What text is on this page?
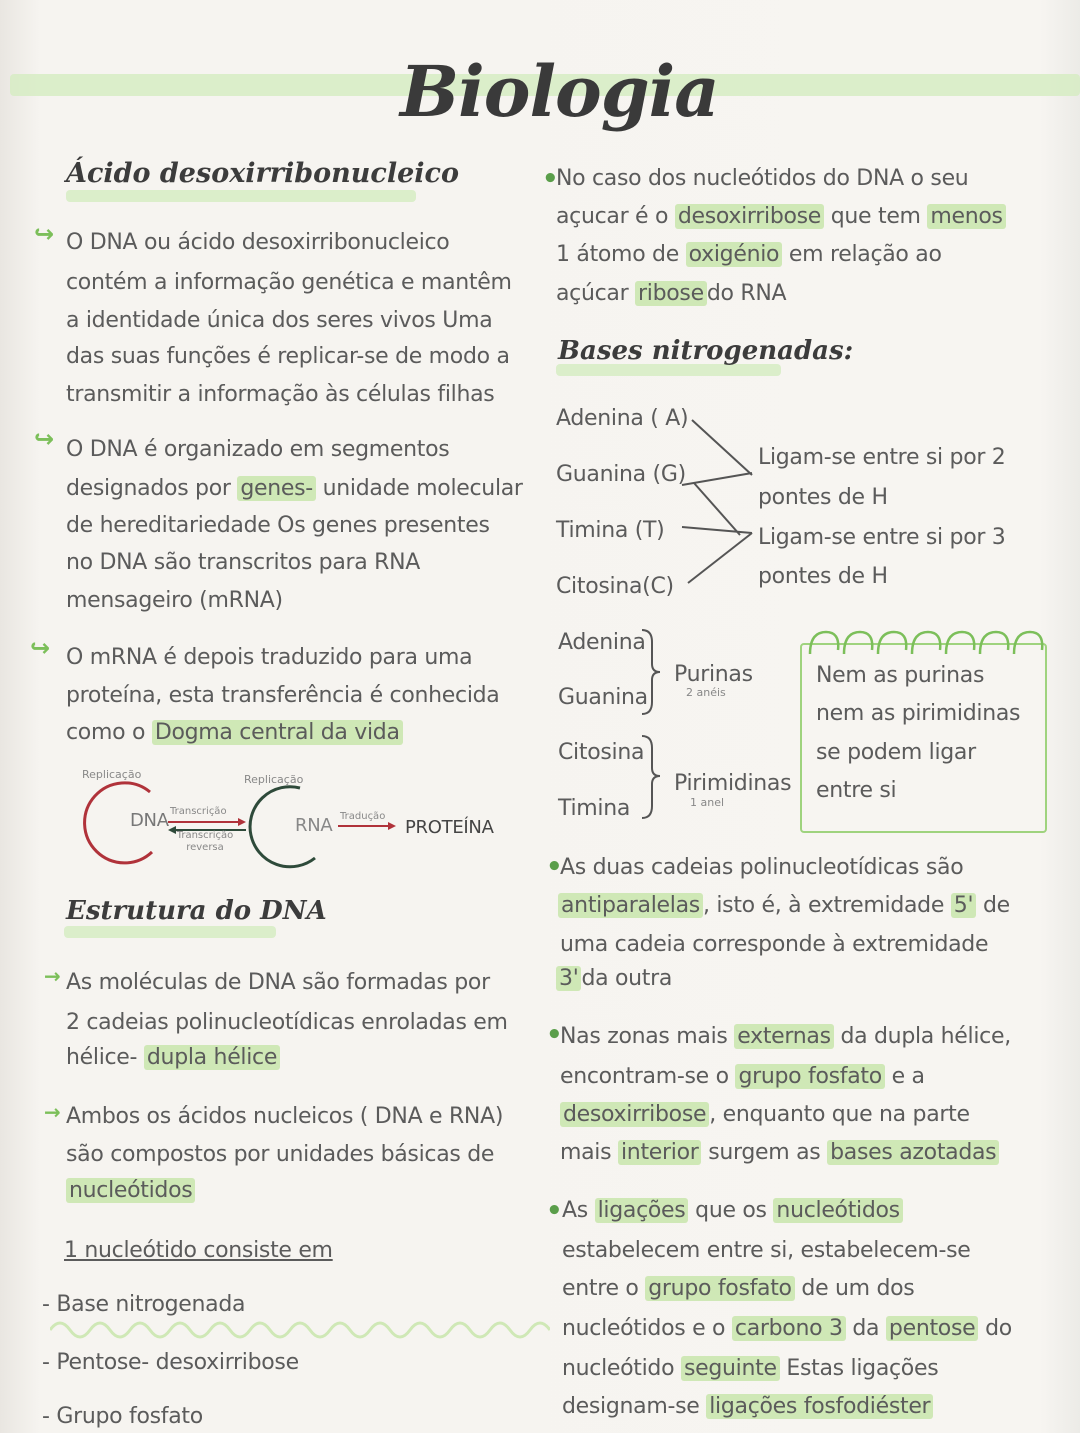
Biologia
Ácido desoxirribonucleico
↪ O DNA ou ácido desoxirribonucleico
contém a informação genética e mantêm
a identidade única dos seres vivos Uma
das suas funções é replicar-se de modo a
transmitir a informação às células filhas
↪ O DNA é organizado em segmentos
designados por genes- unidade molecular
de hereditariedade Os genes presentes
no DNA são transcritos para RNA
mensageiro (mRNA)
↪ O mRNA é depois traduzido para uma
proteína, esta transferência é conhecida
como o Dogma central da vida
Replicação	Replicação
DNA Transcrição
Transcrição reversa
RNA Tradução
PROTEÍNA
Estrutura do DNA
→ As moléculas de DNA são formadas por
2 cadeias polinucleotídicas enroladas em
hélice- dupla hélice
→ Ambos os ácidos nucleicos ( DNA e RNA)
são compostos por unidades básicas de
nucleótidos
1 nucleótido consiste em
- Base nitrogenada
- Pentose- desoxirribose
- Grupo fosfato
•
No caso dos nucleótidos do DNA o seu
açucar é o desoxirribose que tem menos
1 átomo de oxigénio em relação ao
açúcar ribose do RNA
Bases nitrogenadas:
Adenina ( A)
Guanina (G)
Timina (T)
Citosina(C)
Ligam-se entre si por 2
pontes de H
Ligam-se entre si por 3
pontes de H
Adenina
Guanina
Purinas
2 anéis
Citosina
Timina
Pirimidinas
1 anel
Nem as purinas
nem as pirimidinas
se podem ligar
entre si
•
As duas cadeias polinucleotídicas são
antiparalelas , isto é, à extremidade 5' de
uma cadeia corresponde à extremidade
3' da outra
•
Nas zonas mais externas da dupla hélice,
encontram-se o grupo fosfato e a
desoxirribose , enquanto que na parte
mais interior surgem as bases azotadas
• As ligações que os nucleótidos
estabelecem entre si, estabelecem-se
entre o grupo fosfato de um dos
nucleótidos e o carbono 3 da pentose do
nucleótido seguinte Estas ligações
designam-se ligações fosfodiéster
